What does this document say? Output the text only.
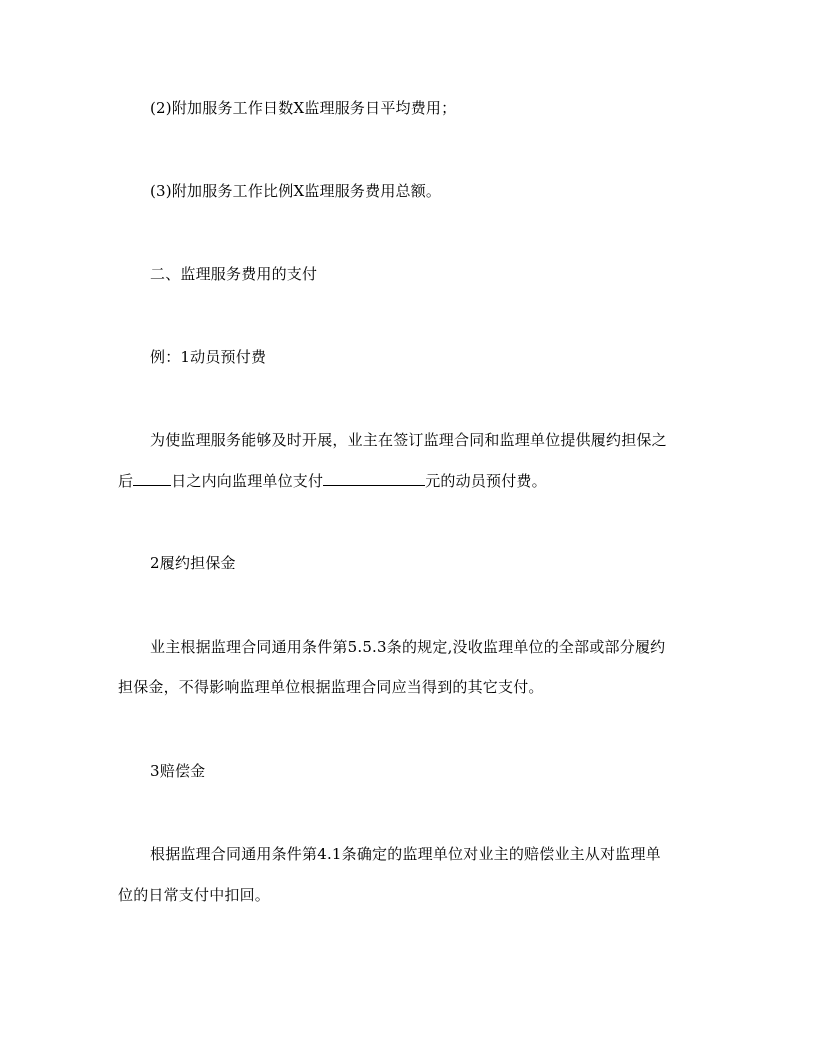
(2)附加服务工作日数X监理服务日平均费用；
(3)附加服务工作比例X监理服务费用总额。
二、监理服务费用的支付
例：1动员预付费
为使监理服务能够及时开展，业主在签订监理合同和监理单位提供履约担保之
后	日之内向监理单位支付	元的动员预付费。
2履约担保金
业主根据监理合同通用条件第5.5.3条的规定,没收监理单位的全部或部分履约
担保金，不得影响监理单位根据监理合同应当得到的其它支付。
3赔偿金
根据监理合同通用条件第4.1条确定的监理单位对业主的赔偿业主从对监理单
位的日常支付中扣回。
